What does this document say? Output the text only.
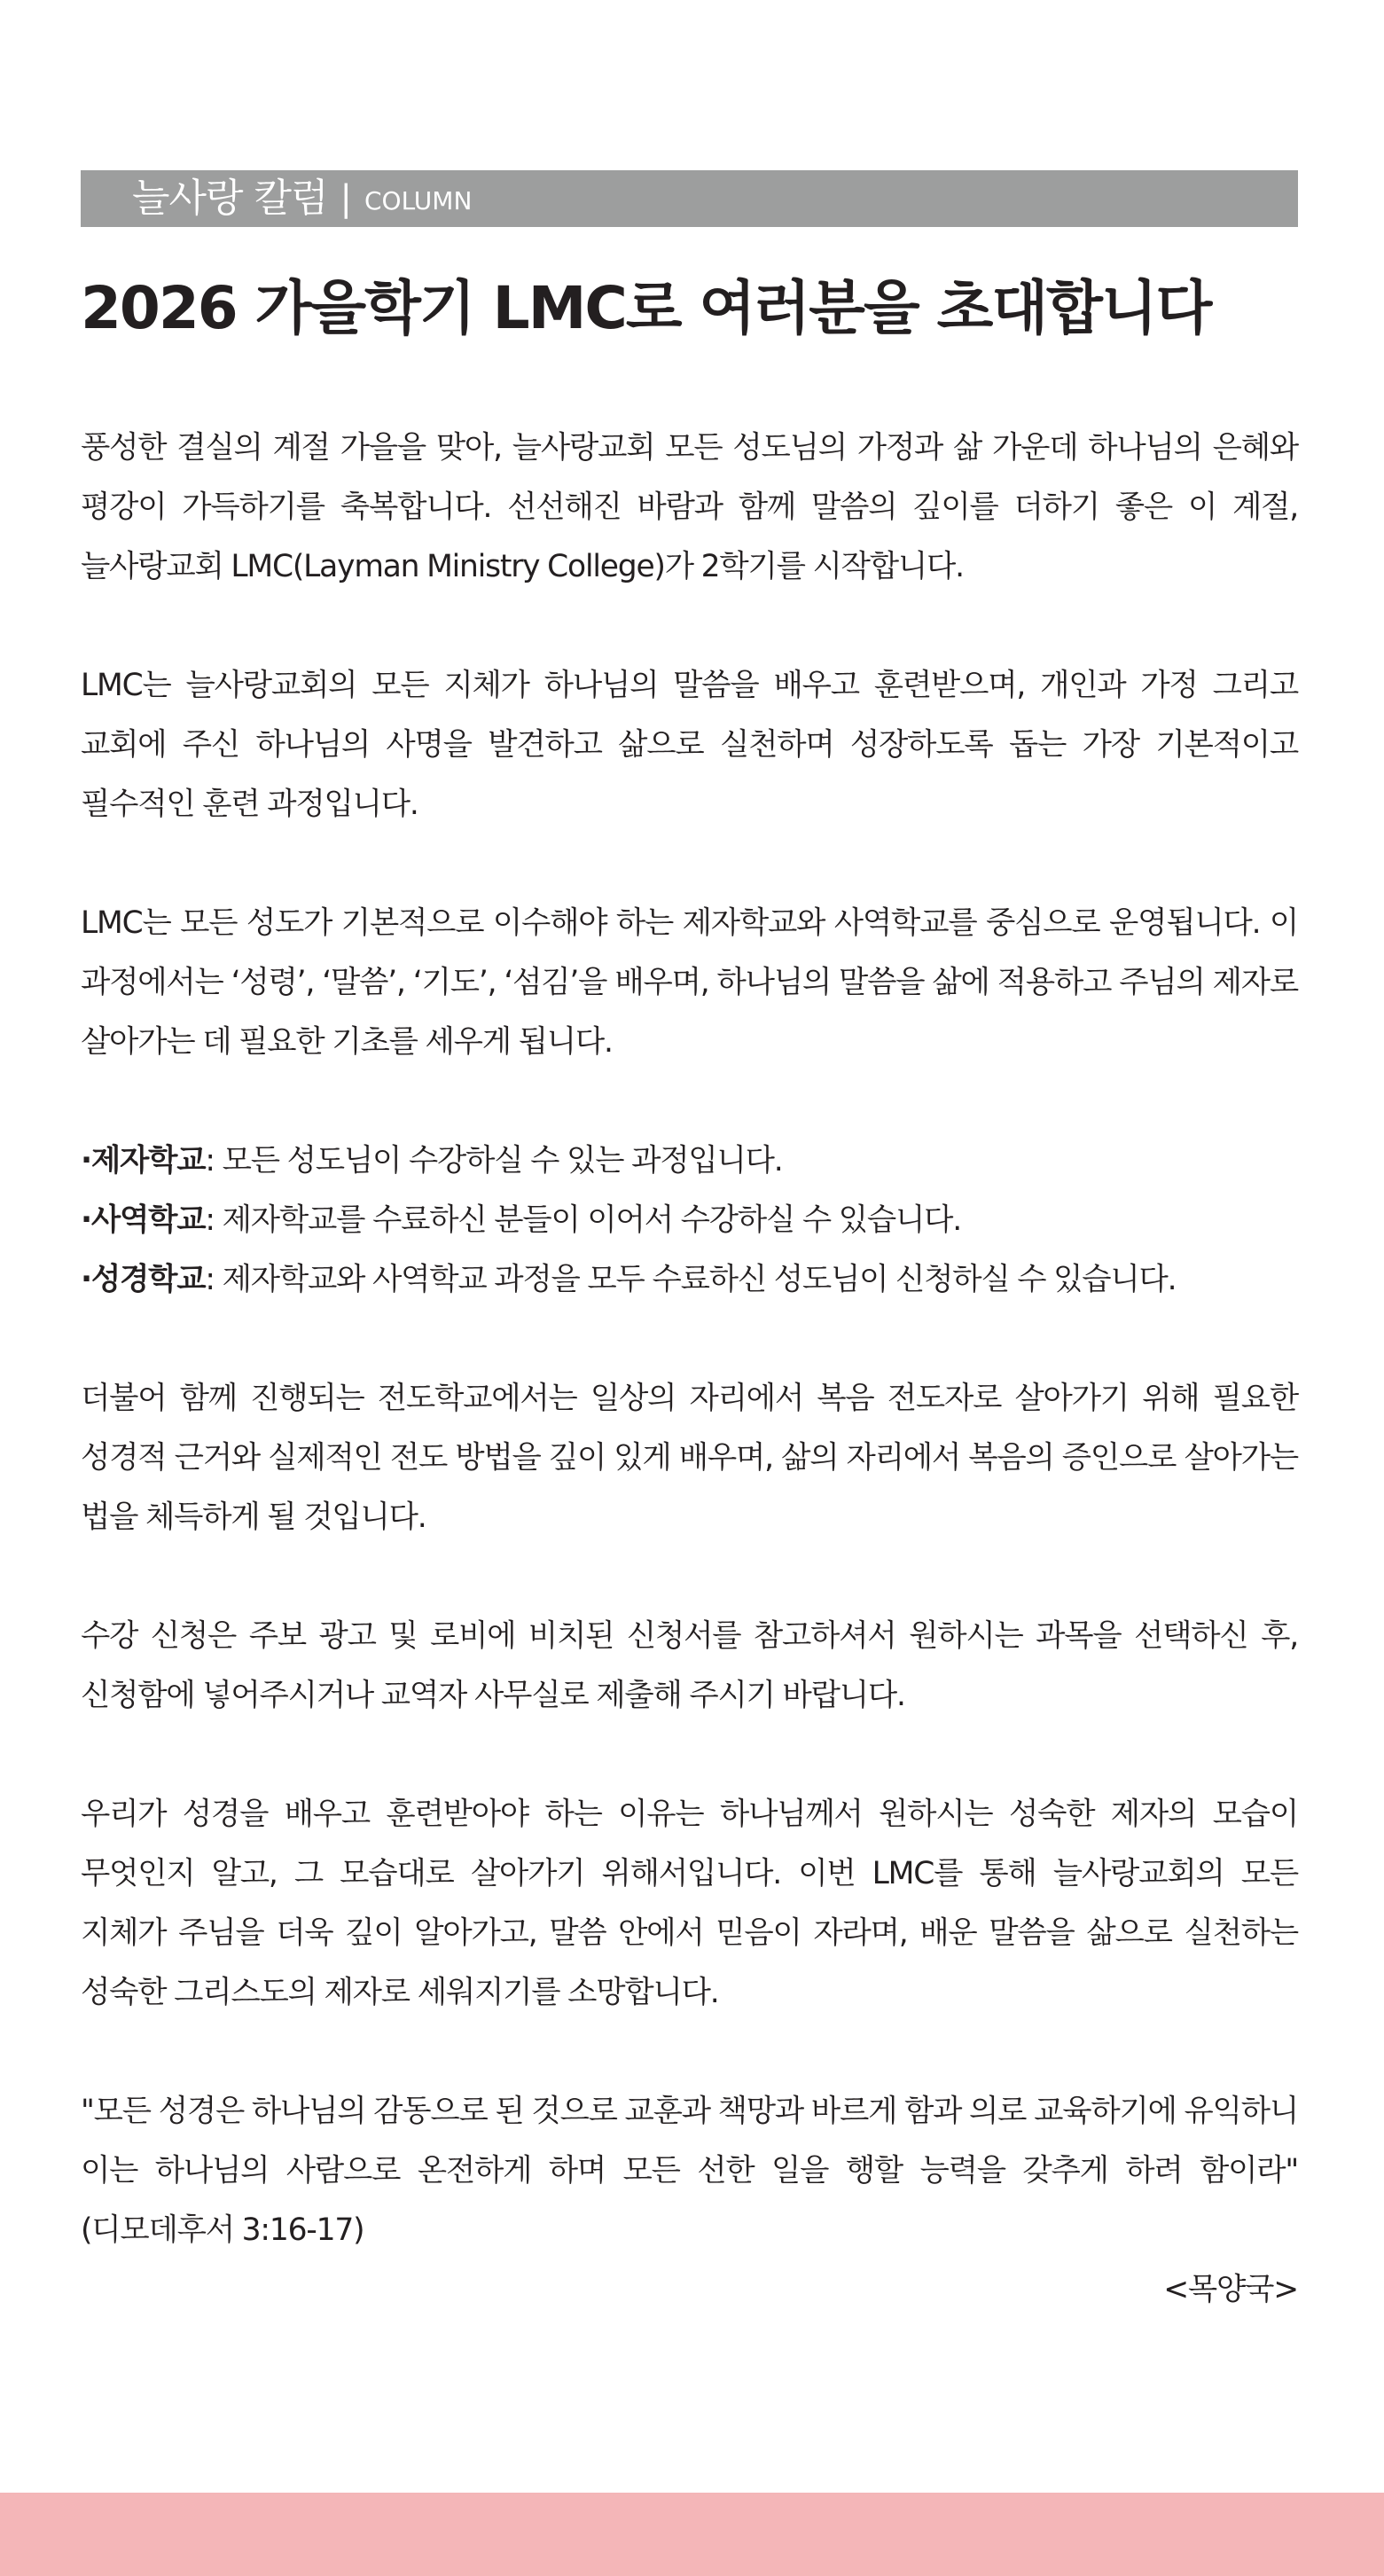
늘사랑 칼럼 | COLUMN
2026 가을학기 LMC로 여러분을 초대합니다

풍성한 결실의 계절 가을을 맞아, 늘사랑교회 모든 성도님의 가정과 삶 가운데 하나님의 은혜와 평강이 가득하기를 축복합니다. 선선해진 바람과 함께 말씀의 깊이를 더하기 좋은 이 계절, 늘사랑교회 LMC(Layman Ministry College)가 2학기를 시작합니다.

LMC는 늘사랑교회의 모든 지체가 하나님의 말씀을 배우고 훈련받으며, 개인과 가정 그리고 교회에 주신 하나님의 사명을 발견하고 삶으로 실천하며 성장하도록 돕는 가장 기본적이고 필수적인 훈련 과정입니다.

LMC는 모든 성도가 기본적으로 이수해야 하는 제자학교와 사역학교를 중심으로 운영됩니다. 이 과정에서는 ‘성령’, ‘말씀’, ‘기도’, ‘섬김’을 배우며, 하나님의 말씀을 삶에 적용하고 주님의 제자로 살아가는 데 필요한 기초를 세우게 됩니다.

·제자학교: 모든 성도님이 수강하실 수 있는 과정입니다.

·사역학교: 제자학교를 수료하신 분들이 이어서 수강하실 수 있습니다.

·성경학교: 제자학교와 사역학교 과정을 모두 수료하신 성도님이 신청하실 수 있습니다.

더불어 함께 진행되는 전도학교에서는 일상의 자리에서 복음 전도자로 살아가기 위해 필요한 성경적 근거와 실제적인 전도 방법을 깊이 있게 배우며, 삶의 자리에서 복음의 증인으로 살아가는 법을 체득하게 될 것입니다.

수강 신청은 주보 광고 및 로비에 비치된 신청서를 참고하셔서 원하시는 과목을 선택하신 후, 신청함에 넣어주시거나 교역자 사무실로 제출해 주시기 바랍니다.

우리가 성경을 배우고 훈련받아야 하는 이유는 하나님께서 원하시는 성숙한 제자의 모습이 무엇인지 알고, 그 모습대로 살아가기 위해서입니다. 이번 LMC를 통해 늘사랑교회의 모든 지체가 주님을 더욱 깊이 알아가고, 말씀 안에서 믿음이 자라며, 배운 말씀을 삶으로 실천하는 성숙한 그리스도의 제자로 세워지기를 소망합니다.

"모든 성경은 하나님의 감동으로 된 것으로 교훈과 책망과 바르게 함과 의로 교육하기에 유익하니 이는 하나님의 사람으로 온전하게 하며 모든 선한 일을 행할 능력을 갖추게 하려 함이라"(디모데후서 3:16-17)

<목양국>
